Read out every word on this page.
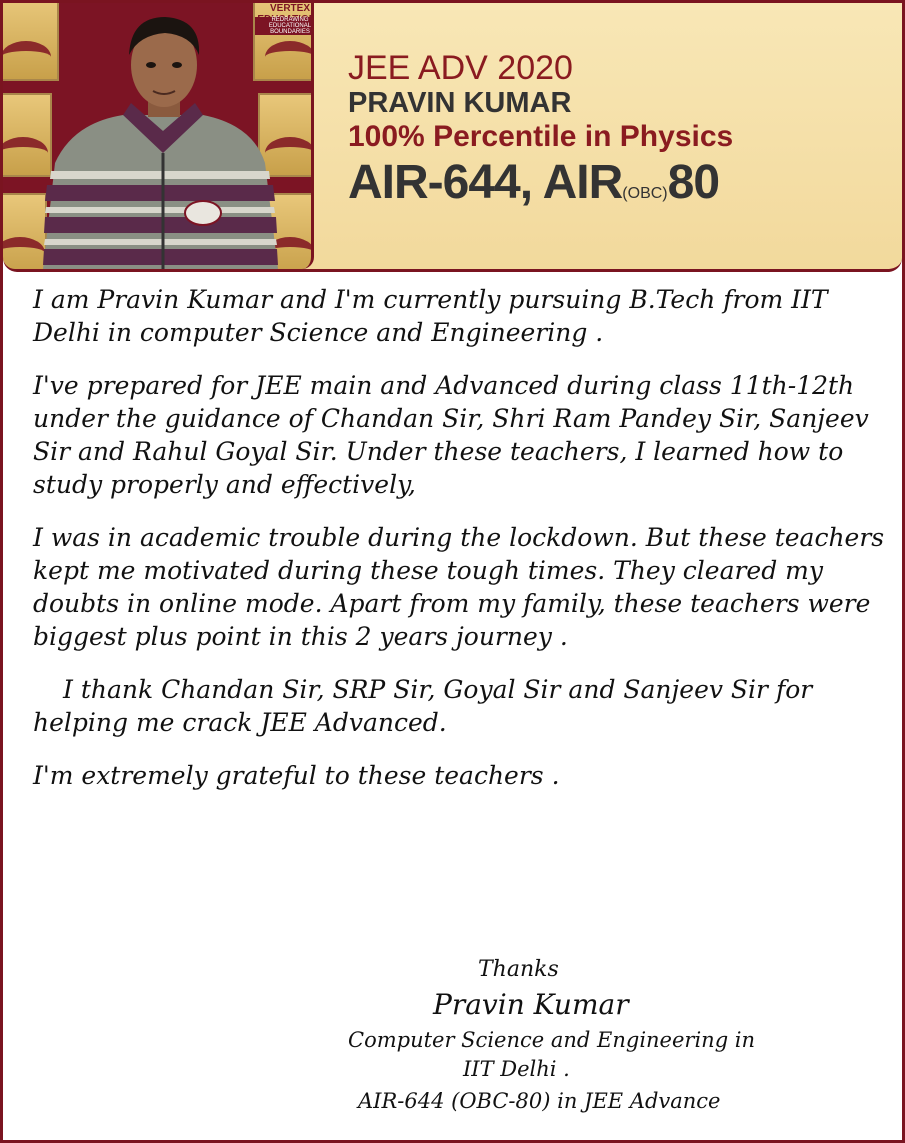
VERTEX
REDRAWING EDUCATIONAL BOUNDARIES
JEE ADV 2020
PRAVIN KUMAR
100% Percentile in Physics
AIR-644, AIR(OBC)80

I am Pravin Kumar and I'm currently pursuing B.Tech from IIT Delhi in computer Science and Engineering .

I've prepared for JEE main and Advanced during class 11th-12th under the guidance of Chandan Sir, Shri Ram Pandey Sir, Sanjeev Sir and Rahul Goyal Sir. Under these teachers, I learned how to study properly and effectively,

I was in academic trouble during the lockdown. But these teachers kept me motivated during these tough times. They cleared my doubts in online mode. Apart from my family, these teachers were biggest plus point in this 2 years journey .

I thank Chandan Sir, SRP Sir, Goyal Sir and Sanjeev Sir for helping me crack JEE Advanced.

I'm extremely grateful to these teachers .

Thanks
Pravin Kumar
Computer Science and Engineering in
IIT Delhi .
AIR-644 (OBC-80) in JEE Advance
